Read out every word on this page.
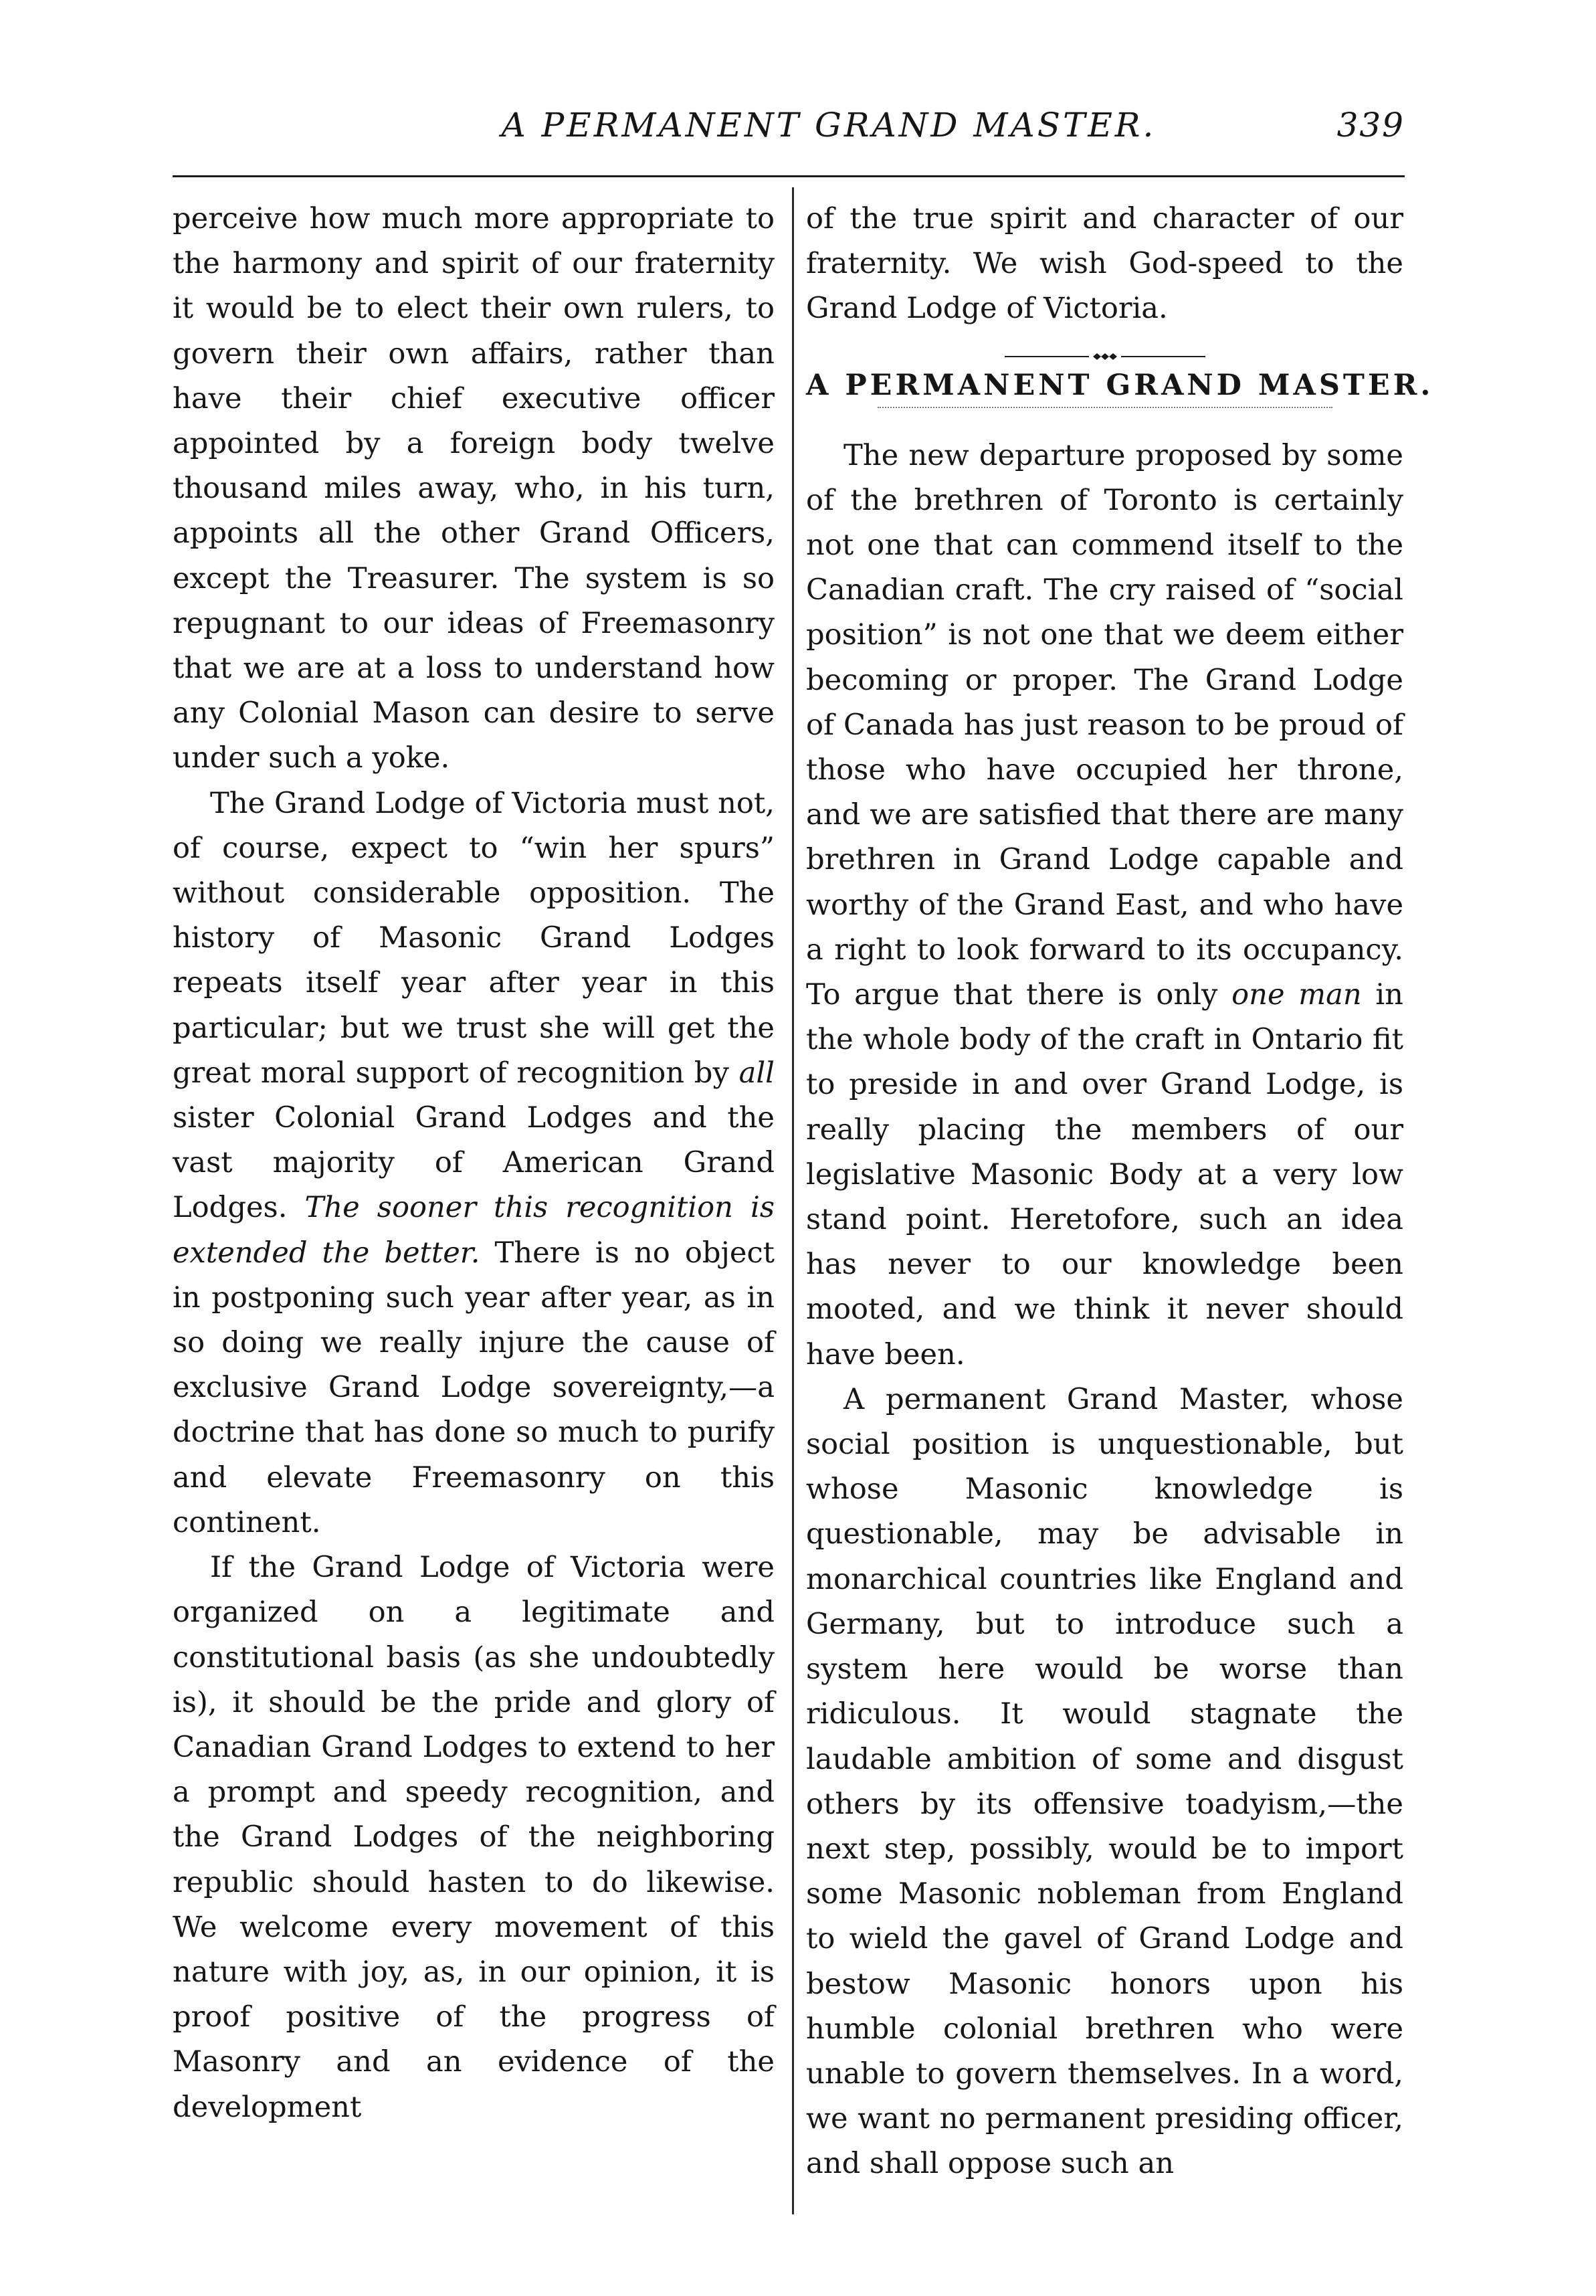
A PERMANENT GRAND MASTER.	339

perceive how much more appropriate to the harmony and spirit of our fraternity it would be to elect their own rulers, to govern their own affairs, rather than have their chief executive officer appointed by a foreign body twelve thousand miles away, who, in his turn, appoints all the other Grand Officers, except the Treasurer. The system is so repugnant to our ideas of Freemasonry that we are at a loss to understand how any Colonial Mason can desire to serve under such a yoke.

The Grand Lodge of Victoria must not, of course, expect to “win her spurs” without considerable opposition. The history of Masonic Grand Lodges repeats itself year after year in this particular; but we trust she will get the great moral support of recognition by all sister Colonial Grand Lodges and the vast majority of American Grand Lodges. The sooner this recognition is extended the better. There is no object in postponing such year after year, as in so doing we really injure the cause of exclusive Grand Lodge sovereignty,—a doctrine that has done so much to purify and elevate Freemasonry on this continent.

If the Grand Lodge of Victoria were organized on a legitimate and constitutional basis (as she undoubtedly is), it should be the pride and glory of Canadian Grand Lodges to extend to her a prompt and speedy recognition, and the Grand Lodges of the neighboring republic should hasten to do likewise. We welcome every movement of this nature with joy, as, in our opinion, it is proof positive of the progress of Masonry and an evidence of the development

of the true spirit and character of our fraternity. We wish God-speed to the Grand Lodge of Victoria.

A PERMANENT GRAND MASTER.

The new departure proposed by some of the brethren of Toronto is certainly not one that can commend itself to the Canadian craft. The cry raised of “social position” is not one that we deem either becoming or proper. The Grand Lodge of Canada has just reason to be proud of those who have occupied her throne, and we are satisfied that there are many brethren in Grand Lodge capable and worthy of the Grand East, and who have a right to look forward to its occupancy. To argue that there is only one man in the whole body of the craft in Ontario fit to preside in and over Grand Lodge, is really placing the members of our legislative Masonic Body at a very low stand point. Heretofore, such an idea has never to our knowledge been mooted, and we think it never should have been.

A permanent Grand Master, whose social position is unquestionable, but whose Masonic knowledge is questionable, may be advisable in monarchical countries like England and Germany, but to introduce such a system here would be worse than ridiculous. It would stagnate the laudable ambition of some and disgust others by its offensive toadyism,—the next step, possibly, would be to import some Masonic nobleman from England to wield the gavel of Grand Lodge and bestow Masonic honors upon his humble colonial brethren who were unable to govern themselves. In a word, we want no permanent presiding officer, and shall oppose such an
